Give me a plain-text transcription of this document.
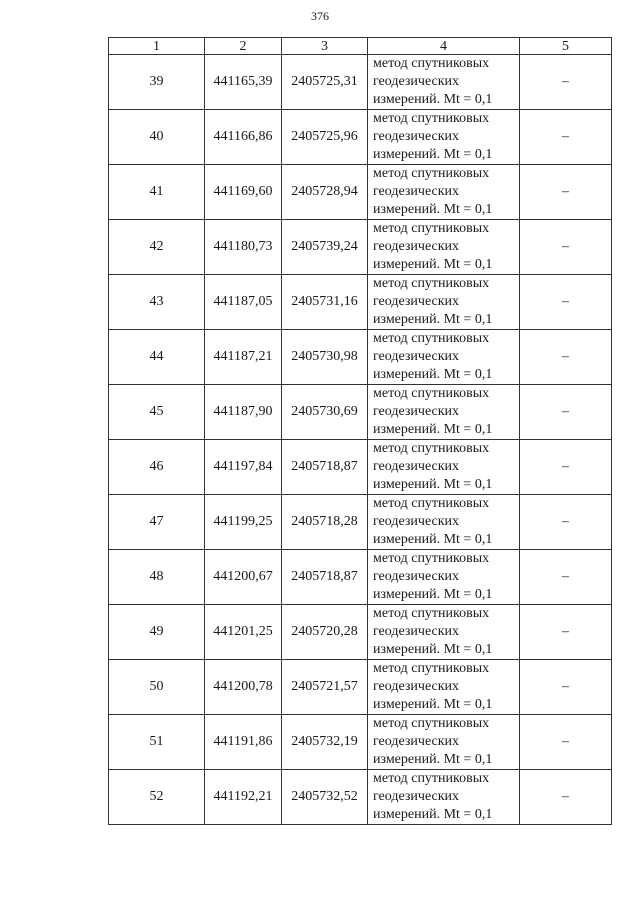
376
1	2	3	4	5
39	441165,39	2405725,31	метод спутниковых
геодезических
измерений. Mt = 0,1	–
40	441166,86	2405725,96	метод спутниковых
геодезических
измерений. Mt = 0,1	–
41	441169,60	2405728,94	метод спутниковых
геодезических
измерений. Mt = 0,1	–
42	441180,73	2405739,24	метод спутниковых
геодезических
измерений. Mt = 0,1	–
43	441187,05	2405731,16	метод спутниковых
геодезических
измерений. Mt = 0,1	–
44	441187,21	2405730,98	метод спутниковых
геодезических
измерений. Mt = 0,1	–
45	441187,90	2405730,69	метод спутниковых
геодезических
измерений. Mt = 0,1	–
46	441197,84	2405718,87	метод спутниковых
геодезических
измерений. Mt = 0,1	–
47	441199,25	2405718,28	метод спутниковых
геодезических
измерений. Mt = 0,1	–
48	441200,67	2405718,87	метод спутниковых
геодезических
измерений. Mt = 0,1	–
49	441201,25	2405720,28	метод спутниковых
геодезических
измерений. Mt = 0,1	–
50	441200,78	2405721,57	метод спутниковых
геодезических
измерений. Mt = 0,1	–
51	441191,86	2405732,19	метод спутниковых
геодезических
измерений. Mt = 0,1	–
52	441192,21	2405732,52	метод спутниковых
геодезических
измерений. Mt = 0,1	–
